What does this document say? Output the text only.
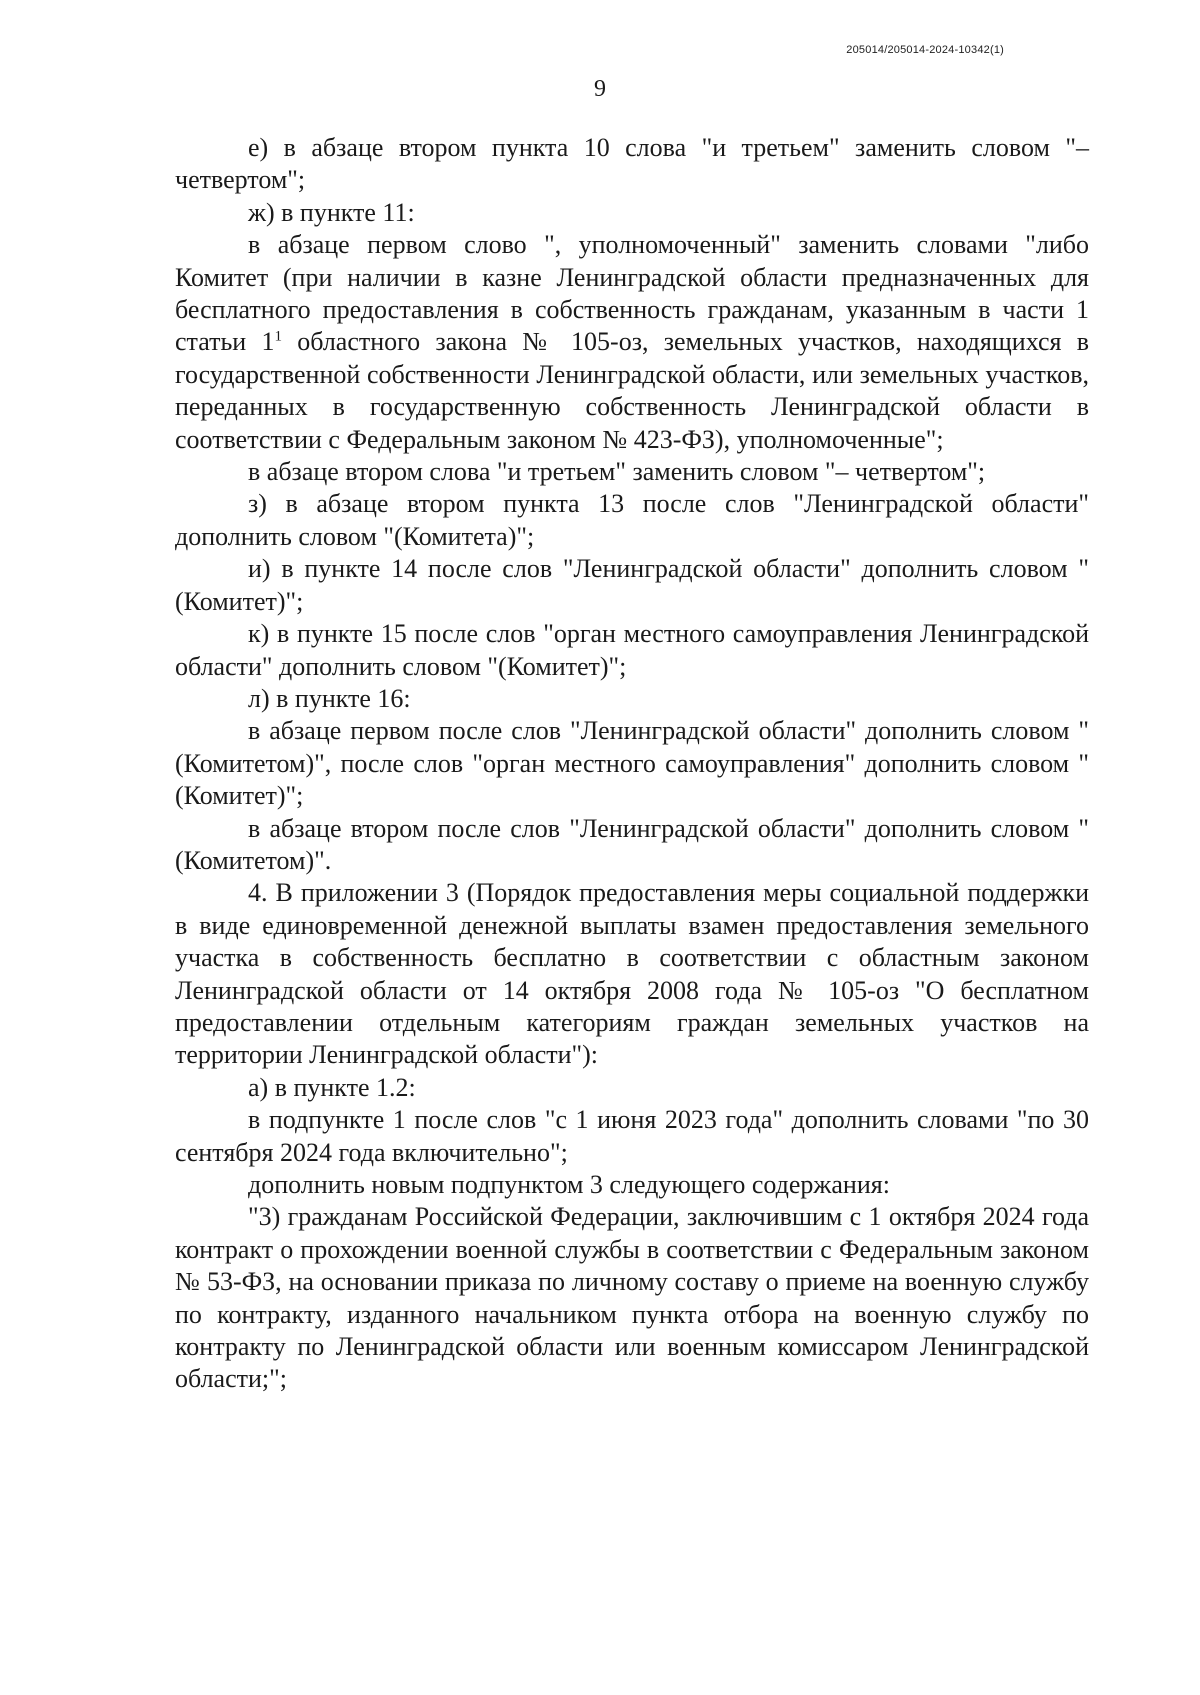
205014/205014-2024-10342(1)
9

е) в абзаце втором пункта 10 слова "и третьем" заменить словом "– четвертом";

ж) в пункте 11:

в абзаце первом слово ", уполномоченный" заменить словами "либо Комитет (при наличии в казне Ленинградской области предназначенных для бесплатного предоставления в собственность гражданам, указанным в части 1 статьи $1^1$ областного закона № 105-оз, земельных участков, находящихся в государственной собственности Ленинградской области, или земельных участков, переданных в государственную собственность Ленинградской области в соответствии с Федеральным законом № 423-ФЗ), уполномоченные";

в абзаце втором слова "и третьем" заменить словом "– четвертом";

з) в абзаце втором пункта 13 после слов "Ленинградской области" дополнить словом "(Комитета)";

и) в пункте 14 после слов "Ленинградской области" дополнить словом "(Комитет)";

к) в пункте 15 после слов "орган местного самоуправления Ленинградской области" дополнить словом "(Комитет)";

л) в пункте 16:

в абзаце первом после слов "Ленинградской области" дополнить словом "(Комитетом)", после слов "орган местного самоуправления" дополнить словом "(Комитет)";

в абзаце втором после слов "Ленинградской области" дополнить словом "(Комитетом)".

4. В приложении 3 (Порядок предоставления меры социальной поддержки в виде единовременной денежной выплаты взамен предоставления земельного участка в собственность бесплатно в соответствии с областным законом Ленинградской области от 14 октября 2008 года № 105-оз "О бесплатном предоставлении отдельным категориям граждан земельных участков на территории Ленинградской области"):

а) в пункте 1.2:

в подпункте 1 после слов "с 1 июня 2023 года" дополнить словами "по 30 сентября 2024 года включительно";

дополнить новым подпунктом 3 следующего содержания:

"3) гражданам Российской Федерации, заключившим с 1 октября 2024 года контракт о прохождении военной службы в соответствии с Федеральным законом № 53-ФЗ, на основании приказа по личному составу о приеме на военную службу по контракту, изданного начальником пункта отбора на военную службу по контракту по Ленинградской области или военным комиссаром Ленинградской области;";
